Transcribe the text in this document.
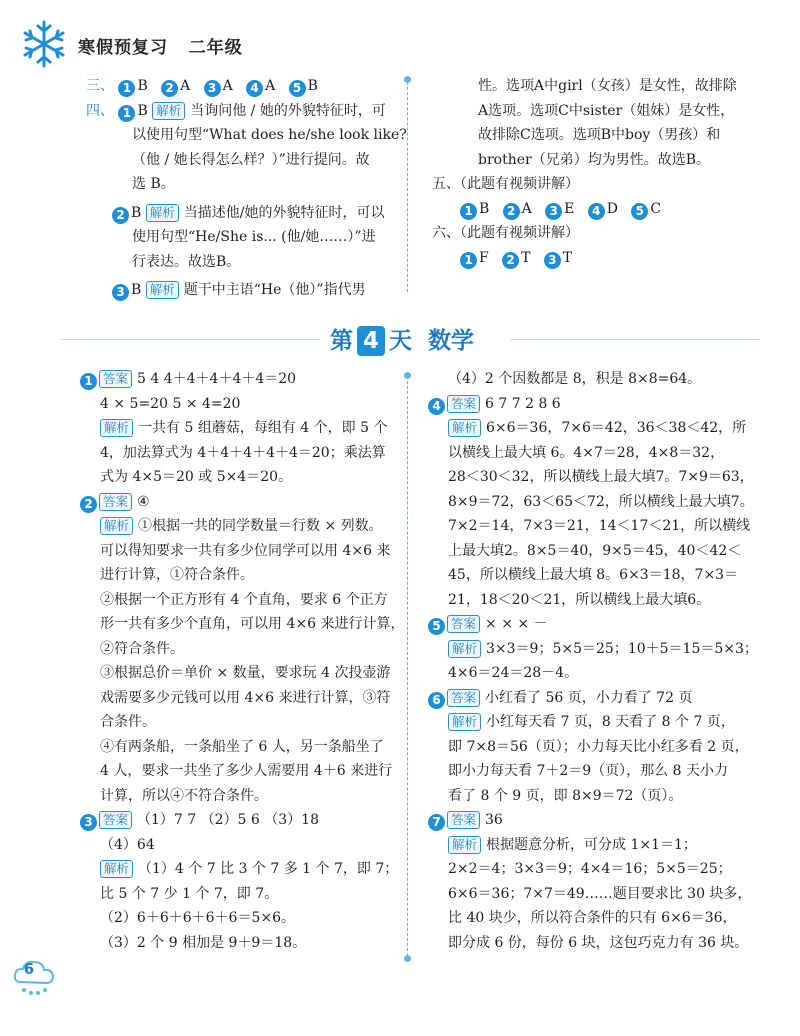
寒假预复习 二年级

三、 1 B 2 A 3 A 4 A 5 B

四、 1 B 解析 当询问他 / 她的外貌特征时，可

以使用句型“What does he/she look like?

（他 / 她长得怎么样？）”进行提问。故

选 B。

2 B 解析 当描述他/她的外貌特征时，可以

使用句型“He/She is... (他/她……）”进

行表达。故选B。

3 B 解析 题干中主语“He（他）”指代男

性。选项A中girl（女孩）是女性，故排除

A选项。选项C中sister（姐妹）是女性，

故排除C选项。选项B中boy（男孩）和

brother（兄弟）均为男性。故选B。

五、（此题有视频讲解）

1 B 2 A 3 E 4 D 5 C

六、（此题有视频讲解）

1 F 2 T 3 T

第 4 天 数学

1 答案 5 4 4＋4＋4＋4＋4＝20

4 × 5=20 5 × 4=20

解析 一共有 5 组蘑菇，每组有 4 个，即 5 个

4，加法算式为 4＋4＋4＋4＋4＝20；乘法算

式为 4×5＝20 或 5×4＝20。

2 答案 ④

解析 ①根据一共的同学数量＝行数 × 列数。

可以得知要求一共有多少位同学可以用 4×6 来

进行计算，①符合条件。

②根据一个正方形有 4 个直角，要求 6 个正方

形一共有多少个直角，可以用 4×6 来进行计算，

②符合条件。

③根据总价＝单价 × 数量，要求玩 4 次投壶游

戏需要多少元钱可以用 4×6 来进行计算，③符

合条件。

④有两条船，一条船坐了 6 人，另一条船坐了

4 人，要求一共坐了多少人需要用 4＋6 来进行

计算，所以④不符合条件。

3 答案 （1）7 7 （2）5 6 （3）18

（4）64

解析 （1）4 个 7 比 3 个 7 多 1 个 7，即 7；

比 5 个 7 少 1 个 7，即 7。

（2）6＋6＋6＋6＋6＝5×6。

（3）2 个 9 相加是 9＋9＝18。

（4）2 个因数都是 8，积是 8×8=64。

4 答案 6 7 7 2 8 6

解析 6×6＝36，7×6＝42，36＜38＜42，所

以横线上最大填 6。4×7＝28，4×8＝32，

28＜30＜32，所以横线上最大填7。7×9＝63，

8×9＝72，63＜65＜72，所以横线上最大填7。

7×2＝14，7×3＝21，14＜17＜21，所以横线

上最大填2。8×5＝40，9×5＝45，40＜42＜

45，所以横线上最大填 8。6×3＝18，7×3＝

21，18＜20＜21，所以横线上最大填6。

5 答案 × × × －

解析 3×3＝9；5×5＝25；10＋5＝15＝5×3；

4×6＝24＝28－4。

6 答案 小红看了 56 页，小力看了 72 页

解析 小红每天看 7 页，8 天看了 8 个 7 页，

即 7×8＝56（页）；小力每天比小红多看 2 页，

即小力每天看 7＋2＝9（页），那么 8 天小力

看了 8 个 9 页，即 8×9＝72（页）。

7 答案 36

解析 根据题意分析，可分成 1×1＝1；

2×2＝4；3×3＝9；4×4＝16；5×5＝25；

6×6＝36；7×7＝49……题目要求比 30 块多，

比 40 块少，所以符合条件的只有 6×6＝36，

即分成 6 份，每份 6 块，这包巧克力有 36 块。

6
